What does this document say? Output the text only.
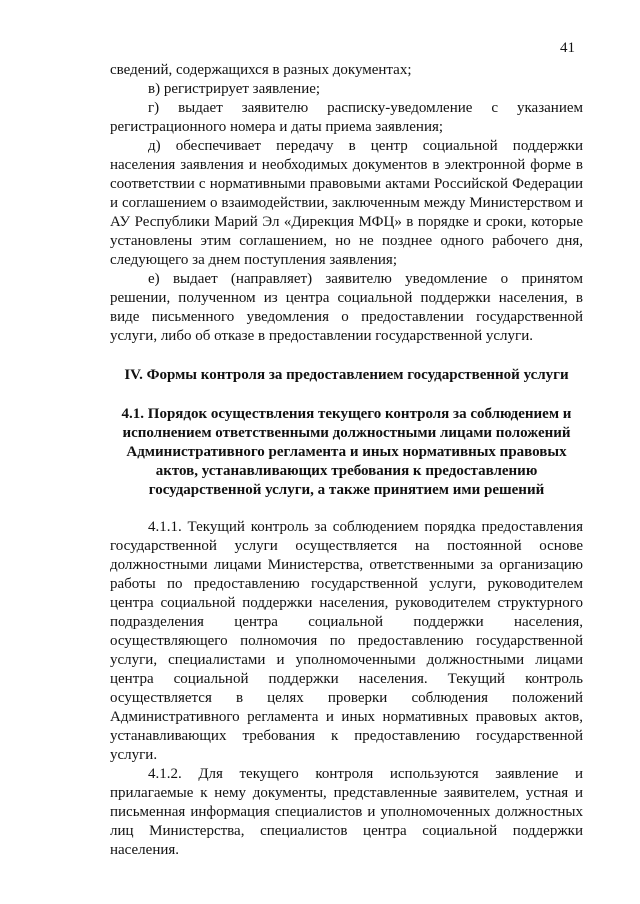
41

сведений, содержащихся в разных документах;

в) регистрирует заявление;

г) выдает заявителю расписку-уведомление с указанием регистрационного номера и даты приема заявления;

д) обеспечивает передачу в центр социальной поддержки населения заявления и необходимых документов в электронной форме в соответствии с нормативными правовыми актами Российской Федерации и соглашением о взаимодействии, заключенным между Министерством и АУ Республики Марий Эл «Дирекция МФЦ» в порядке и сроки, которые установлены этим соглашением, но не позднее одного рабочего дня, следующего за днем поступления заявления;

е) выдает (направляет) заявителю уведомление о принятом решении, полученном из центра социальной поддержки населения, в виде письменного уведомления о предоставлении государственной услуги, либо об отказе в предоставлении государственной услуги.

IV. Формы контроля за предоставлением государственной услуги

4.1. Порядок осуществления текущего контроля за соблюдением и исполнением ответственными должностными лицами положений Административного регламента и иных нормативных правовых актов, устанавливающих требования к предоставлению государственной услуги, а также принятием ими решений

4.1.1. Текущий контроль за соблюдением порядка предоставления государственной услуги осуществляется на постоянной основе должностными лицами Министерства, ответственными за организацию работы по предоставлению государственной услуги, руководителем центра социальной поддержки населения, руководителем структурного подразделения центра социальной поддержки населения, осуществляющего полномочия по предоставлению государственной услуги, специалистами и уполномоченными должностными лицами центра социальной поддержки населения. Текущий контроль осуществляется в целях проверки соблюдения положений Административного регламента и иных нормативных правовых актов, устанавливающих требования к предоставлению государственной услуги.

4.1.2. Для текущего контроля используются заявление и прилагаемые к нему документы, представленные заявителем, устная и письменная информация специалистов и уполномоченных должностных лиц Министерства, специалистов центра социальной поддержки населения.
